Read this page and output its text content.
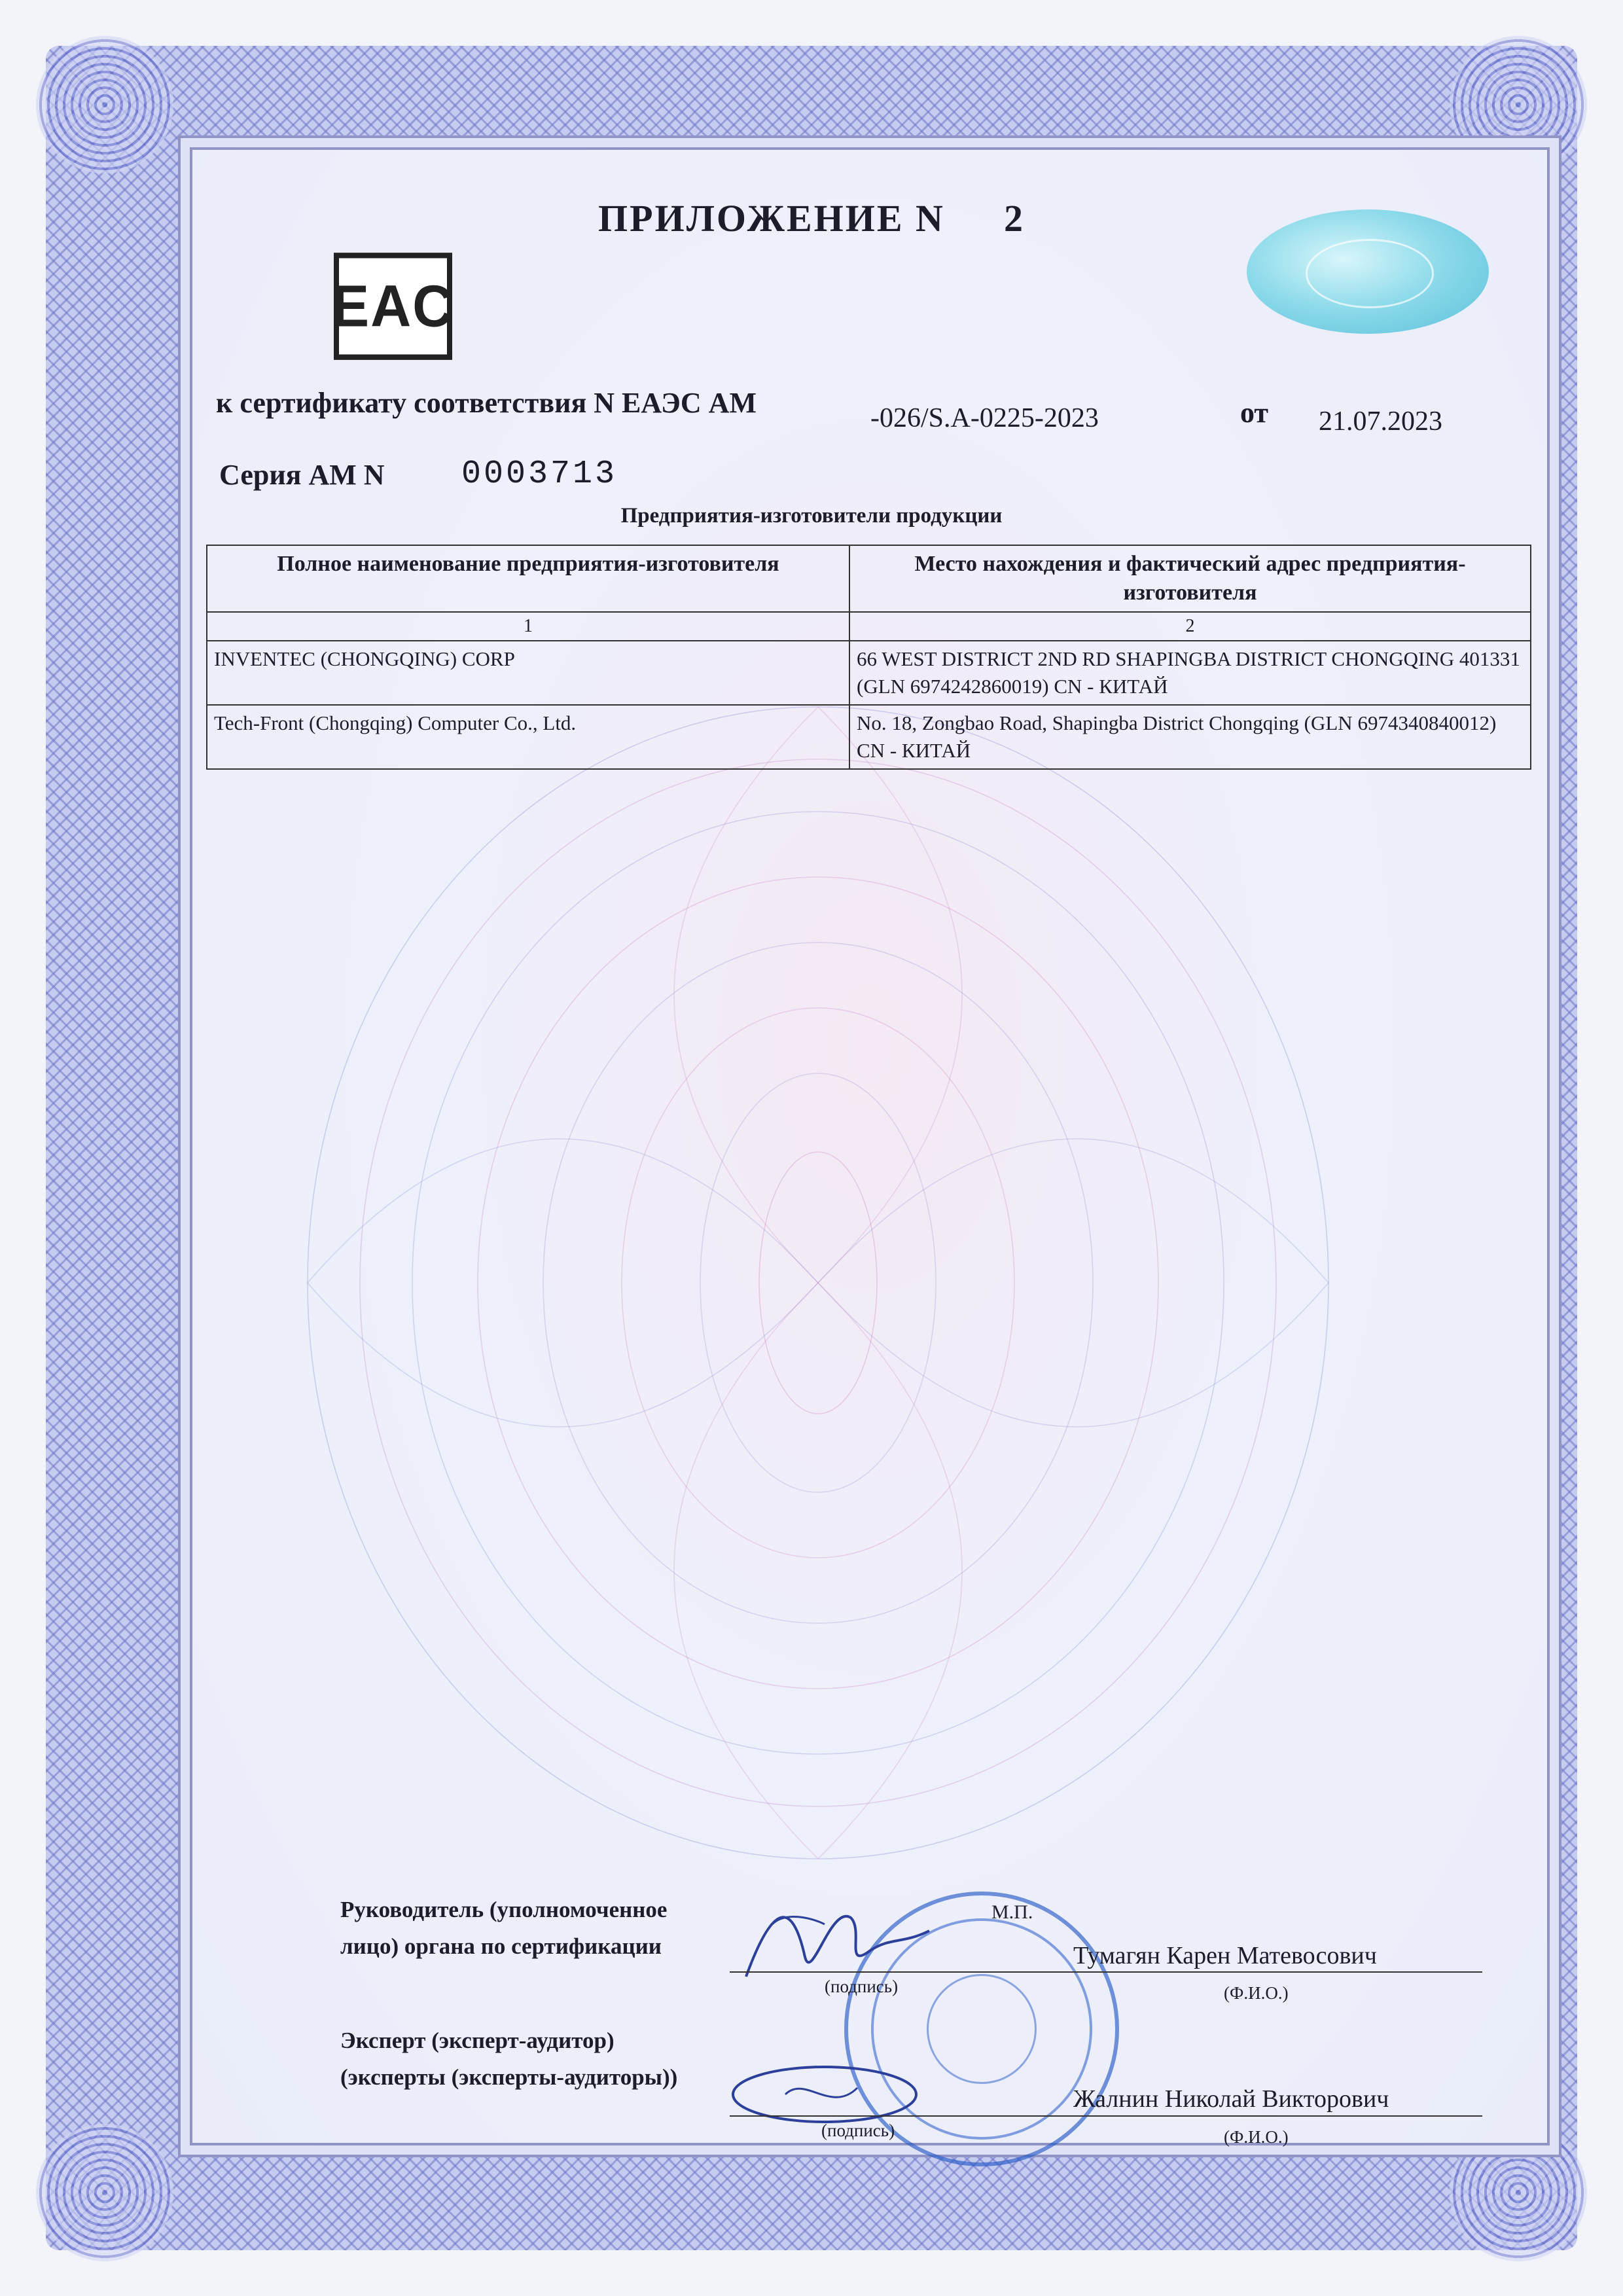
ПРИЛОЖЕНИЕ N 2
EAC
к сертификату соответствия N ЕАЭС AM	-026/S.A-0225-2023	от 21.07.2023
Серия AM N 0003713
Предприятия-изготовители продукции
Полное наименование предприятия-изготовителя	Место нахождения и фактический адрес предприятия-изготовителя
1	2
INVENTEC (CHONGQING) CORP	66 WEST DISTRICT 2ND RD SHAPINGBA DISTRICT CHONGQING 401331 (GLN 6974242860019) CN - КИТАЙ
Tech-Front (Chongqing) Computer Co., Ltd.	No. 18, Zongbao Road, Shapingba District Chongqing (GLN 6974340840012) CN - КИТАЙ
Руководитель (уполномоченное
лицо) органа по сертификации
М.П.
Тумагян Карен Матевосович
(подпись)	(Ф.И.О.)
Эксперт (эксперт-аудитор)
(эксперты (эксперты-аудиторы))
Жалнин Николай Викторович
(подпись)	(Ф.И.О.)
